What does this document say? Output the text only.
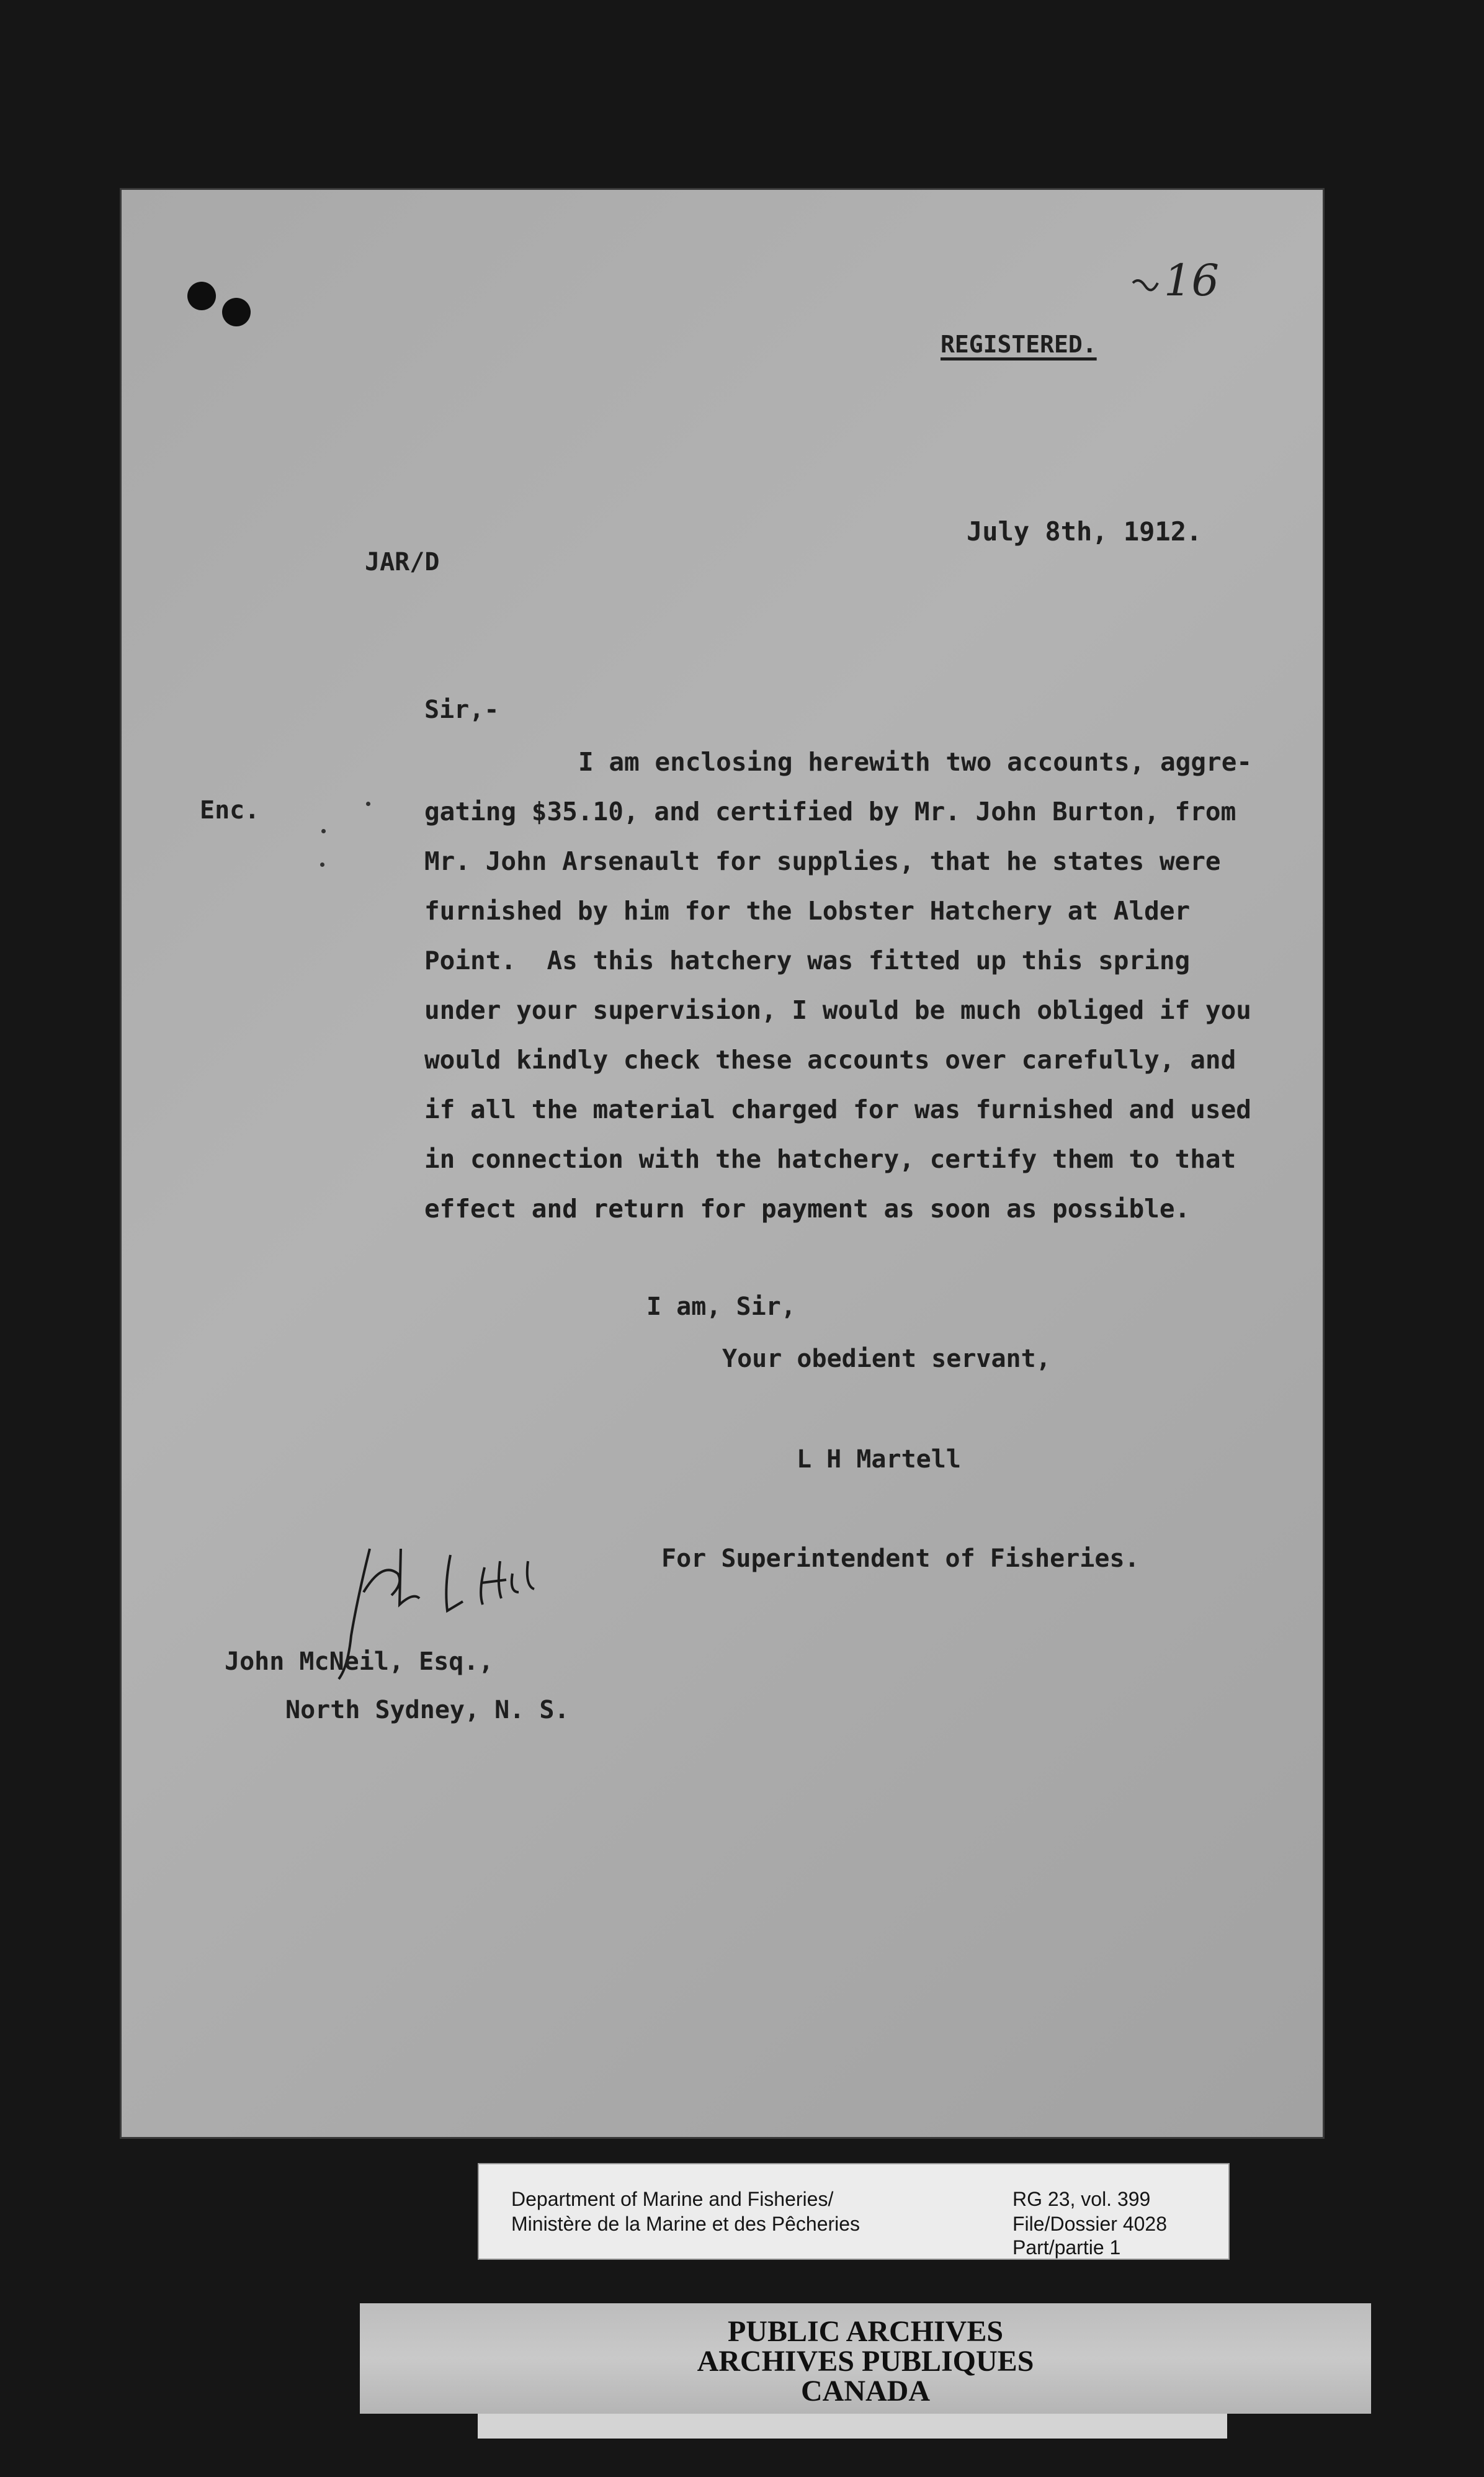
16
REGISTERED.
July 8th, 1912.
JAR/D
Sir,-
Enc.
I am enclosing herewith two accounts, aggre-
gating $35.10, and certified by Mr. John Burton, from
Mr. John Arsenault for supplies, that he states were
furnished by him for the Lobster Hatchery at Alder
Point.  As this hatchery was fitted up this spring
under your supervision, I would be much obliged if you
would kindly check these accounts over carefully, and
if all the material charged for was furnished and used
in connection with the hatchery, certify them to that
effect and return for payment as soon as possible.
I am, Sir,
Your obedient servant,
L H Martell
For Superintendent of Fisheries.
John McNeil, Esq.,
North Sydney, N. S.
Department of Marine and Fisheries/
Ministère de la Marine et des Pêcheries
RG 23, vol. 399
File/Dossier 4028
Part/partie 1
PUBLIC ARCHIVES
ARCHIVES PUBLIQUES
CANADA
